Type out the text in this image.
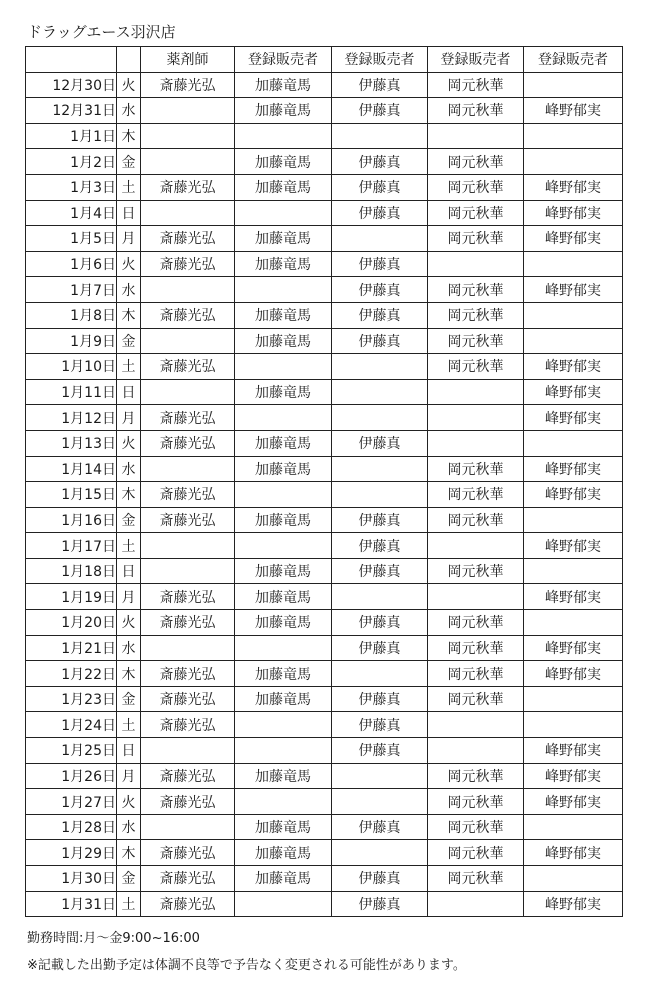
ドラッグエース羽沢店
		薬剤師	登録販売者	登録販売者	登録販売者	登録販売者
12月30日	火	斎藤光弘	加藤竜馬	伊藤真	岡元秋華	
12月31日	水		加藤竜馬	伊藤真	岡元秋華	峰野郁実
1月1日	木					
1月2日	金		加藤竜馬	伊藤真	岡元秋華	
1月3日	土	斎藤光弘	加藤竜馬	伊藤真	岡元秋華	峰野郁実
1月4日	日			伊藤真	岡元秋華	峰野郁実
1月5日	月	斎藤光弘	加藤竜馬		岡元秋華	峰野郁実
1月6日	火	斎藤光弘	加藤竜馬	伊藤真		
1月7日	水			伊藤真	岡元秋華	峰野郁実
1月8日	木	斎藤光弘	加藤竜馬	伊藤真	岡元秋華	
1月9日	金		加藤竜馬	伊藤真	岡元秋華	
1月10日	土	斎藤光弘			岡元秋華	峰野郁実
1月11日	日		加藤竜馬			峰野郁実
1月12日	月	斎藤光弘				峰野郁実
1月13日	火	斎藤光弘	加藤竜馬	伊藤真		
1月14日	水		加藤竜馬		岡元秋華	峰野郁実
1月15日	木	斎藤光弘			岡元秋華	峰野郁実
1月16日	金	斎藤光弘	加藤竜馬	伊藤真	岡元秋華	
1月17日	土			伊藤真		峰野郁実
1月18日	日		加藤竜馬	伊藤真	岡元秋華	
1月19日	月	斎藤光弘	加藤竜馬			峰野郁実
1月20日	火	斎藤光弘	加藤竜馬	伊藤真	岡元秋華	
1月21日	水			伊藤真	岡元秋華	峰野郁実
1月22日	木	斎藤光弘	加藤竜馬		岡元秋華	峰野郁実
1月23日	金	斎藤光弘	加藤竜馬	伊藤真	岡元秋華	
1月24日	土	斎藤光弘		伊藤真		
1月25日	日			伊藤真		峰野郁実
1月26日	月	斎藤光弘	加藤竜馬		岡元秋華	峰野郁実
1月27日	火	斎藤光弘			岡元秋華	峰野郁実
1月28日	水		加藤竜馬	伊藤真	岡元秋華	
1月29日	木	斎藤光弘	加藤竜馬		岡元秋華	峰野郁実
1月30日	金	斎藤光弘	加藤竜馬	伊藤真	岡元秋華	
1月31日	土	斎藤光弘		伊藤真		峰野郁実
勤務時間:月～金9:00~16:00
※記載した出勤予定は体調不良等で予告なく変更される可能性があります。
